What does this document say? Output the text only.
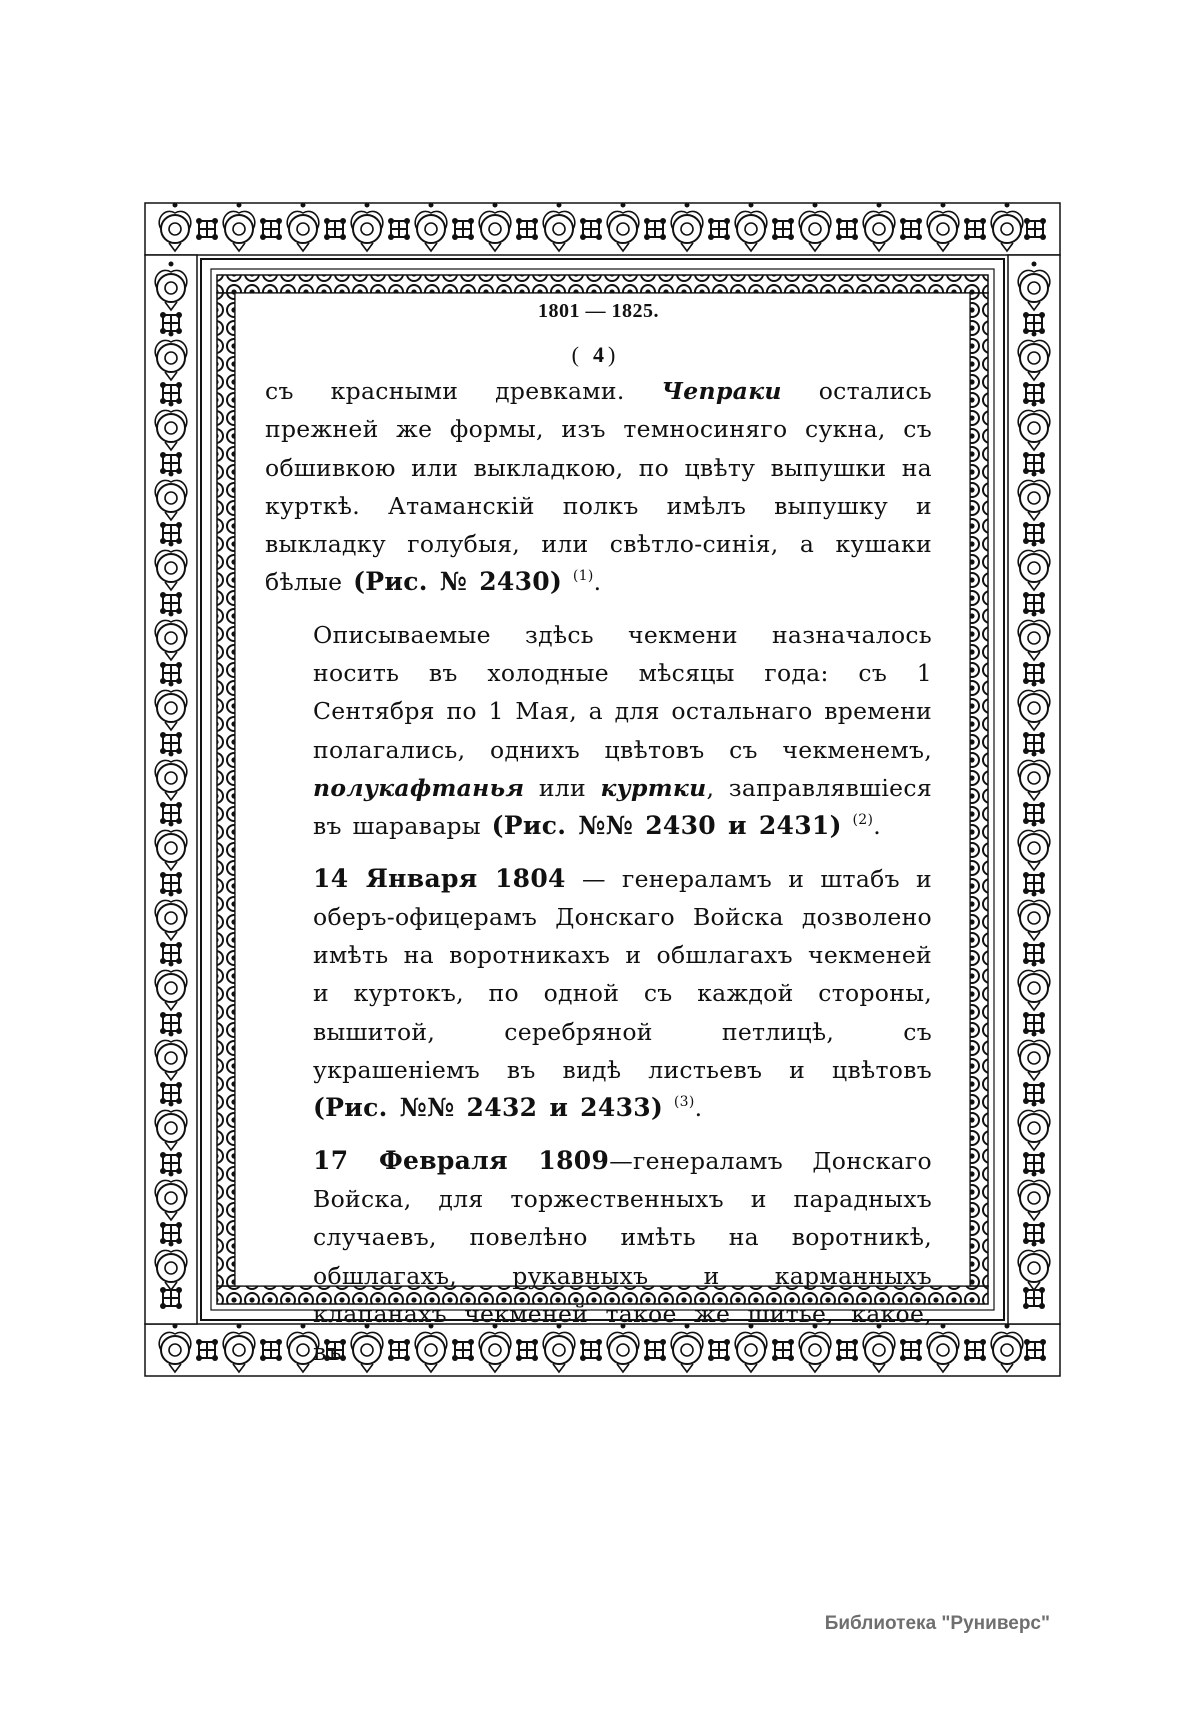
1801 — 1825.
( 4 )

съ красными древками. Чепраки остались прежней же формы, изъ темносиняго сукна, съ обшивкою или выкладкою, по цвѣту выпушки на курткѣ. Атаманскій полкъ имѣлъ выпушку и выкладку голубыя, или свѣтло-синія, а кушаки бѣлые (Рис. № 2430) $^{(1)}$.

Описываемые здѣсь чекмени назначалось носить въ холодные мѣсяцы года: съ 1 Сентября по 1 Мая, а для остальнаго времени полагались, однихъ цвѣтовъ съ чекменемъ, полукафтанья или куртки, заправлявшіеся въ шаравары (Рис. №№ 2430 и 2431) $^{(2)}$.

14 Января 1804 — генераламъ и штабъ и оберъ-офицерамъ Донскаго Войска дозволено имѣть на воротникахъ и обшлагахъ чекменей и куртокъ, по одной съ каждой стороны, вышитой, серебряной петлицѣ, съ украшеніемъ въ видѣ листьевъ и цвѣтовъ (Рис. №№ 2432 и 2433) $^{(3)}$.

17 Февраля 1809—генераламъ Донскаго Войска, для торжественныхъ и парадныхъ случаевъ, повелѣно имѣть на воротникѣ, обшлагахъ, рукавныхъ и карманныхъ клапанахъ чекменей такое же шитье, какое, въ

Библиотека "Руниверс"
